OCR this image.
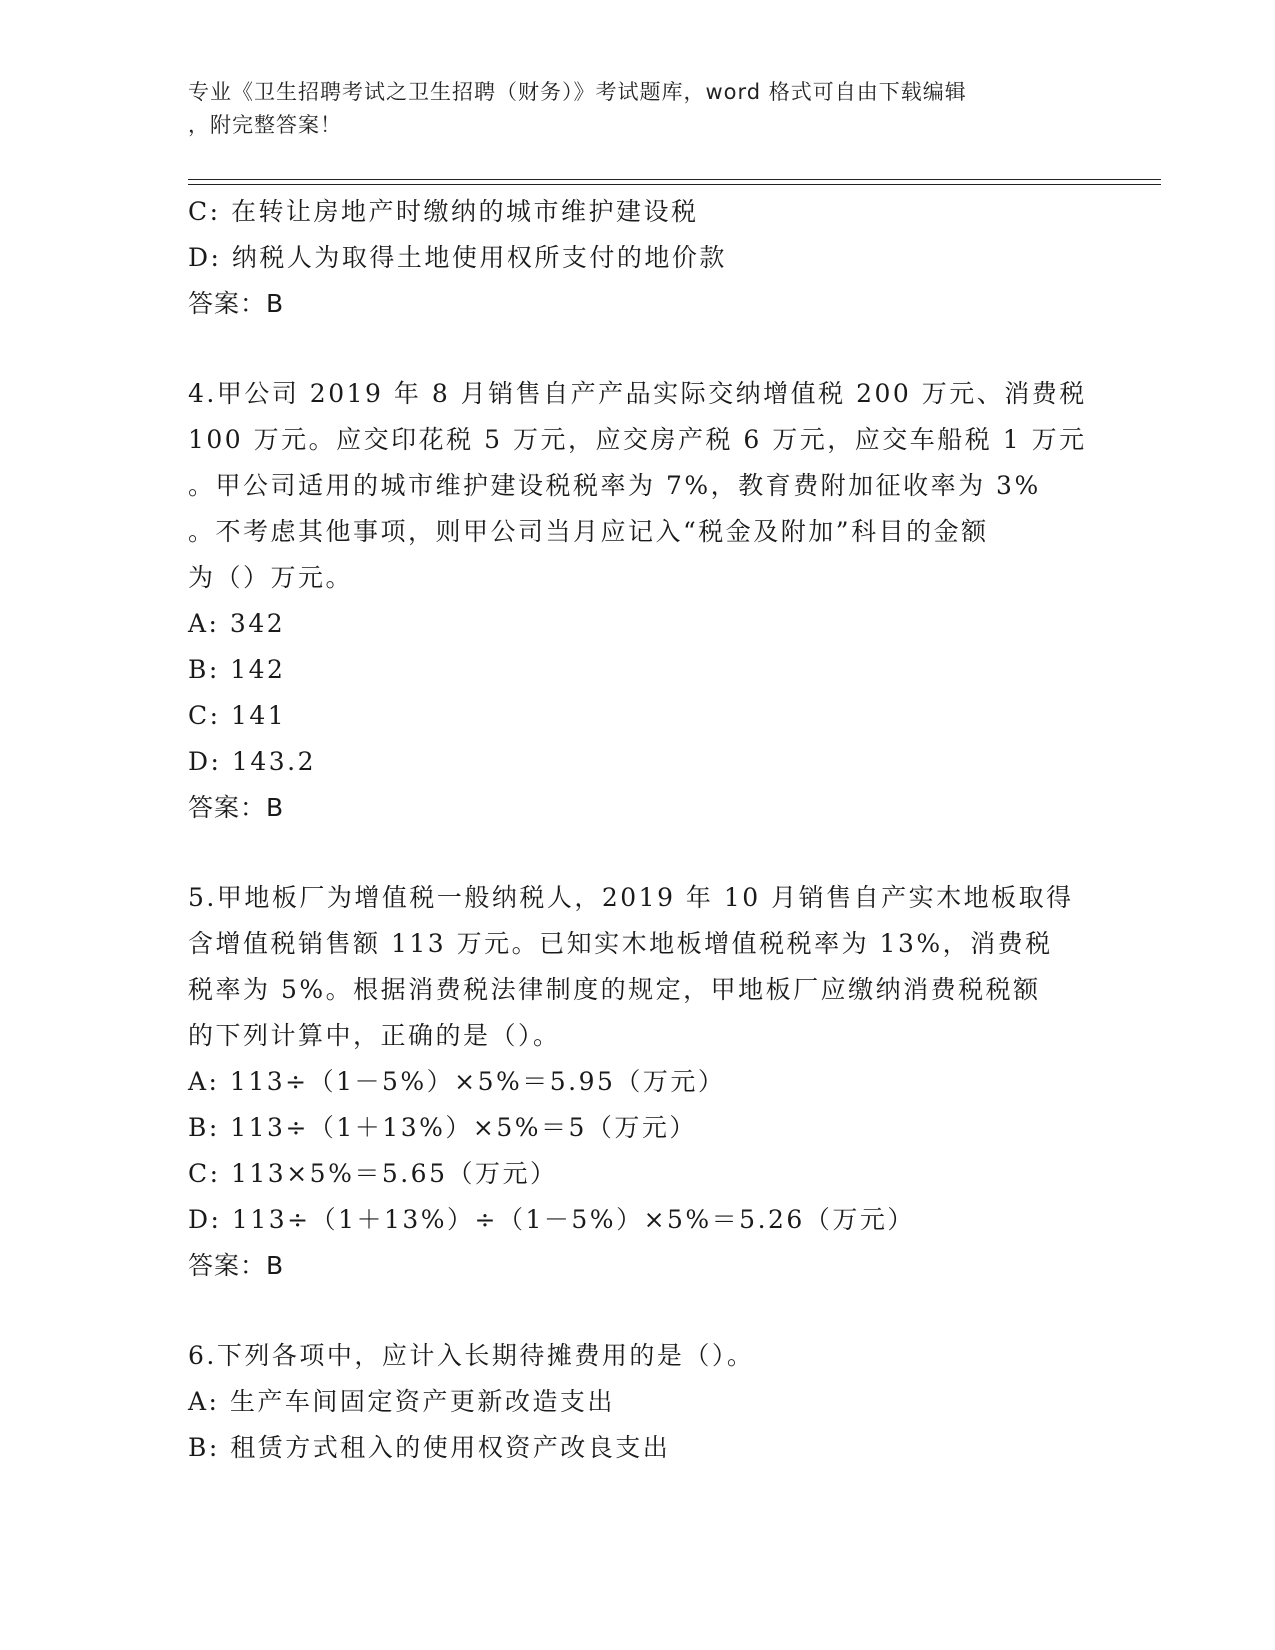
专业《卫生招聘考试之卫生招聘（财务）》考试题库，word 格式可自由下载编辑
，附完整答案！
C: 在转让房地产时缴纳的城市维护建设税
D: 纳税人为取得土地使用权所支付的地价款
答案：B
4.甲公司 2019 年 8 月销售自产产品实际交纳增值税 200 万元、消费税
100 万元。应交印花税 5 万元，应交房产税 6 万元，应交车船税 1 万元
。甲公司适用的城市维护建设税税率为 7%，教育费附加征收率为 3%
。不考虑其他事项，则甲公司当月应记入“税金及附加”科目的金额
为（）万元。
A: 342
B: 142
C: 141
D: 143.2
答案：B
5.甲地板厂为增值税一般纳税人，2019 年 10 月销售自产实木地板取得
含增值税销售额 113 万元。已知实木地板增值税税率为 13%，消费税
税率为 5%。根据消费税法律制度的规定，甲地板厂应缴纳消费税税额
的下列计算中，正确的是（）。
A: 113÷（1－5%）×5%＝5.95（万元）
B: 113÷（1＋13%）×5%＝5（万元）
C: 113×5%＝5.65（万元）
D: 113÷（1＋13%）÷（1－5%）×5%＝5.26（万元）
答案：B
6.下列各项中，应计入长期待摊费用的是（）。
A: 生产车间固定资产更新改造支出
B: 租赁方式租入的使用权资产改良支出
